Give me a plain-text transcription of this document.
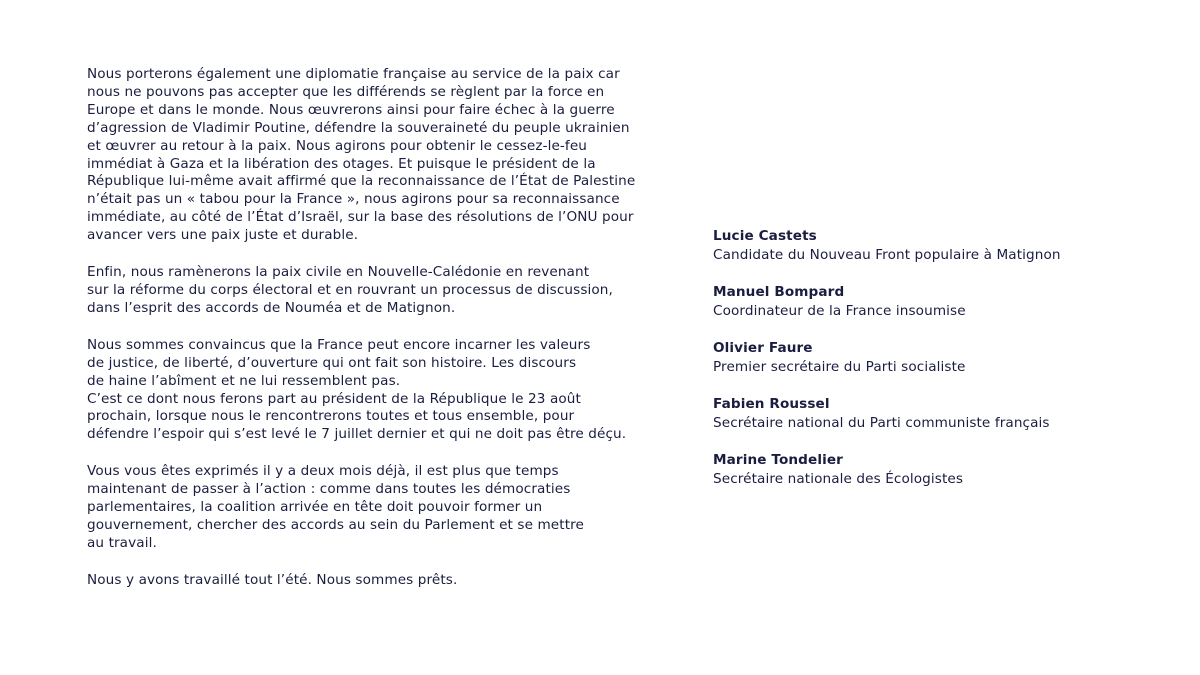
Nous porterons également une diplomatie française au service de la paix car
nous ne pouvons pas accepter que les différends se règlent par la force en
Europe et dans le monde. Nous œuvrerons ainsi pour faire échec à la guerre
d’agression de Vladimir Poutine, défendre la souveraineté du peuple ukrainien
et œuvrer au retour à la paix. Nous agirons pour obtenir le cessez-le-feu
immédiat à Gaza et la libération des otages. Et puisque le président de la
République lui-même avait affirmé que la reconnaissance de l’État de Palestine
n’était pas un « tabou pour la France », nous agirons pour sa reconnaissance
immédiate, au côté de l’État d’Israël, sur la base des résolutions de l’ONU pour
avancer vers une paix juste et durable.

Enfin, nous ramènerons la paix civile en Nouvelle-Calédonie en revenant
sur la réforme du corps électoral et en rouvrant un processus de discussion,
dans l’esprit des accords de Nouméa et de Matignon.

Nous sommes convaincus que la France peut encore incarner les valeurs
de justice, de liberté, d’ouverture qui ont fait son histoire. Les discours
de haine l’abîment et ne lui ressemblent pas.
C’est ce dont nous ferons part au président de la République le 23 août
prochain, lorsque nous le rencontrerons toutes et tous ensemble, pour
défendre l’espoir qui s’est levé le 7 juillet dernier et qui ne doit pas être déçu.

Vous vous êtes exprimés il y a deux mois déjà, il est plus que temps
maintenant de passer à l’action : comme dans toutes les démocraties
parlementaires, la coalition arrivée en tête doit pouvoir former un
gouvernement, chercher des accords au sein du Parlement et se mettre
au travail.

Nous y avons travaillé tout l’été. Nous sommes prêts.

Lucie Castets
Candidate du Nouveau Front populaire à Matignon
Manuel Bompard
Coordinateur de la France insoumise
Olivier Faure
Premier secrétaire du Parti socialiste
Fabien Roussel
Secrétaire national du Parti communiste français
Marine Tondelier
Secrétaire nationale des Écologistes
